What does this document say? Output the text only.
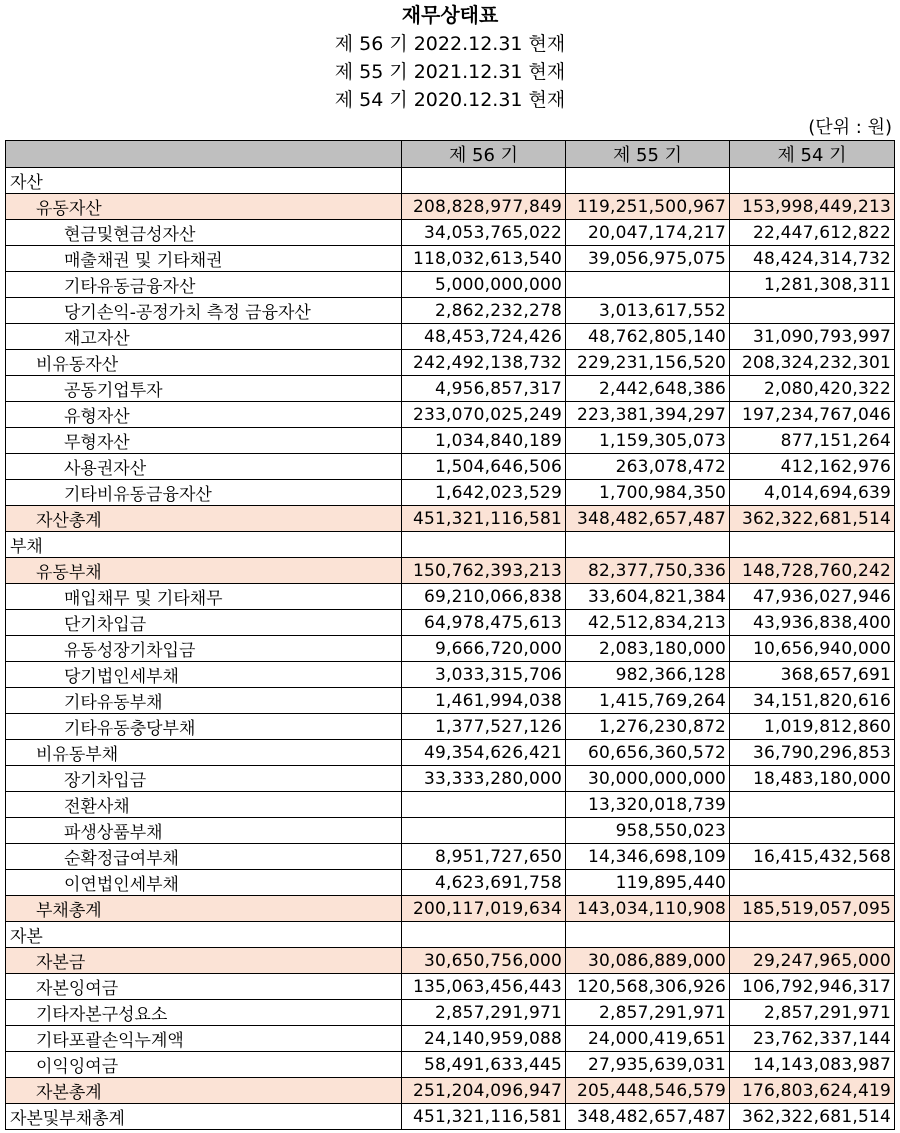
재무상태표
제 56 기 2022.12.31 현재
제 55 기 2021.12.31 현재
제 54 기 2020.12.31 현재
(단위 : 원)
	제 56 기	제 55 기	제 54 기
자산			
유동자산	208,828,977,849	119,251,500,967	153,998,449,213
현금및현금성자산	34,053,765,022	20,047,174,217	22,447,612,822
매출채권 및 기타채권	118,032,613,540	39,056,975,075	48,424,314,732
기타유동금융자산	5,000,000,000		1,281,308,311
당기손익-공정가치 측정 금융자산	2,862,232,278	3,013,617,552	
재고자산	48,453,724,426	48,762,805,140	31,090,793,997
비유동자산	242,492,138,732	229,231,156,520	208,324,232,301
공동기업투자	4,956,857,317	2,442,648,386	2,080,420,322
유형자산	233,070,025,249	223,381,394,297	197,234,767,046
무형자산	1,034,840,189	1,159,305,073	877,151,264
사용권자산	1,504,646,506	263,078,472	412,162,976
기타비유동금융자산	1,642,023,529	1,700,984,350	4,014,694,639
자산총계	451,321,116,581	348,482,657,487	362,322,681,514
부채			
유동부채	150,762,393,213	82,377,750,336	148,728,760,242
매입채무 및 기타채무	69,210,066,838	33,604,821,384	47,936,027,946
단기차입금	64,978,475,613	42,512,834,213	43,936,838,400
유동성장기차입금	9,666,720,000	2,083,180,000	10,656,940,000
당기법인세부채	3,033,315,706	982,366,128	368,657,691
기타유동부채	1,461,994,038	1,415,769,264	34,151,820,616
기타유동충당부채	1,377,527,126	1,276,230,872	1,019,812,860
비유동부채	49,354,626,421	60,656,360,572	36,790,296,853
장기차입금	33,333,280,000	30,000,000,000	18,483,180,000
전환사채		13,320,018,739	
파생상품부채		958,550,023	
순확정급여부채	8,951,727,650	14,346,698,109	16,415,432,568
이연법인세부채	4,623,691,758	119,895,440	
부채총계	200,117,019,634	143,034,110,908	185,519,057,095
자본			
자본금	30,650,756,000	30,086,889,000	29,247,965,000
자본잉여금	135,063,456,443	120,568,306,926	106,792,946,317
기타자본구성요소	2,857,291,971	2,857,291,971	2,857,291,971
기타포괄손익누계액	24,140,959,088	24,000,419,651	23,762,337,144
이익잉여금	58,491,633,445	27,935,639,031	14,143,083,987
자본총계	251,204,096,947	205,448,546,579	176,803,624,419
자본및부채총계	451,321,116,581	348,482,657,487	362,322,681,514
